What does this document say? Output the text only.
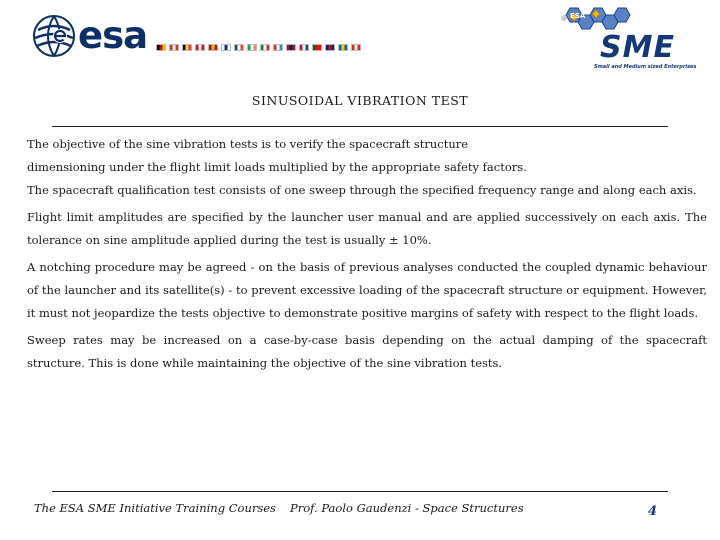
esa	ESA
SME
Small and Medium sized Enterprises
SINUSOIDAL VIBRATION TEST

The objective of the sine vibration tests is to verify the spacecraft structure
dimensioning under the flight limit loads multiplied by the appropriate safety factors.
The spacecraft qualification test consists of one sweep through the specified frequency range and along each axis.

Flight limit amplitudes are specified by the launcher user manual and are applied successively on each axis. The tolerance on sine amplitude applied during the test is usually ± 10%.

A notching procedure may be agreed - on the basis of previous analyses conducted the coupled dynamic behaviour of the launcher and its satellite(s) - to prevent excessive loading of the spacecraft structure or equipment. However, it must not jeopardize the tests objective to demonstrate positive margins of safety with respect to the flight loads.

Sweep rates may be increased on a case-by-case basis depending on the actual damping of the spacecraft structure. This is done while maintaining the objective of the sine vibration tests.

The ESA SME Initiative Training Courses Prof. Paolo Gaudenzi - Space Structures	4
